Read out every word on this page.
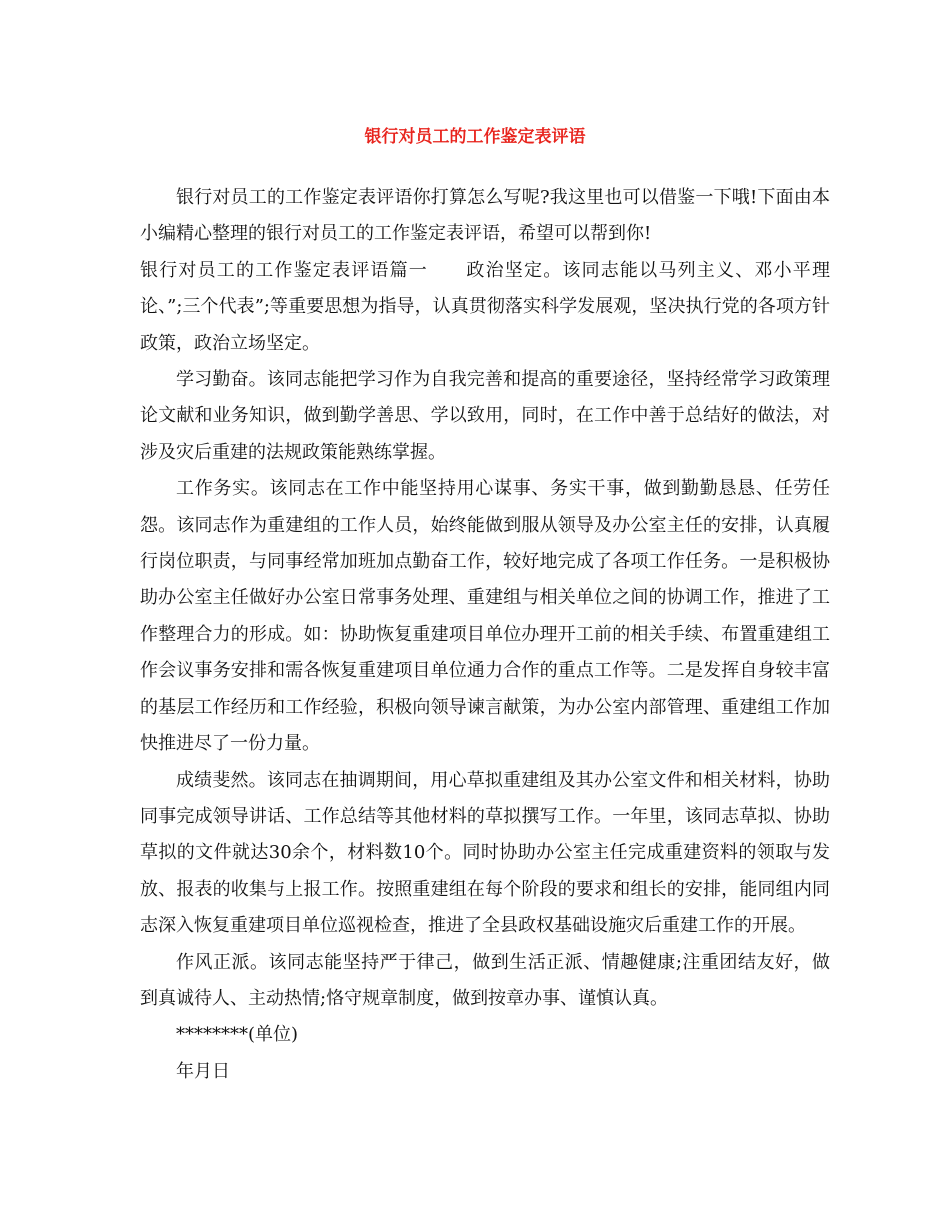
银行对员工的工作鉴定表评语

银行对员工的工作鉴定表评语你打算怎么写呢?我这里也可以借鉴一下哦!下面由本小编精心整理的银行对员工的工作鉴定表评语，希望可以帮到你!

银行对员工的工作鉴定表评语篇一　　政治坚定。该同志能以马列主义、邓小平理论、”;三个代表”;等重要思想为指导，认真贯彻落实科学发展观，坚决执行党的各项方针政策，政治立场坚定。

学习勤奋。该同志能把学习作为自我完善和提高的重要途径，坚持经常学习政策理论文献和业务知识，做到勤学善思、学以致用，同时，在工作中善于总结好的做法，对涉及灾后重建的法规政策能熟练掌握。

工作务实。该同志在工作中能坚持用心谋事、务实干事，做到勤勤恳恳、任劳任怨。该同志作为重建组的工作人员，始终能做到服从领导及办公室主任的安排，认真履行岗位职责，与同事经常加班加点勤奋工作，较好地完成了各项工作任务。一是积极协助办公室主任做好办公室日常事务处理、重建组与相关单位之间的协调工作，推进了工作整理合力的形成。如：协助恢复重建项目单位办理开工前的相关手续、布置重建组工作会议事务安排和需各恢复重建项目单位通力合作的重点工作等。二是发挥自身较丰富的基层工作经历和工作经验，积极向领导谏言献策，为办公室内部管理、重建组工作加快推进尽了一份力量。

成绩斐然。该同志在抽调期间，用心草拟重建组及其办公室文件和相关材料，协助同事完成领导讲话、工作总结等其他材料的草拟撰写工作。一年里，该同志草拟、协助草拟的文件就达30余个，材料数10个。同时协助办公室主任完成重建资料的领取与发放、报表的收集与上报工作。按照重建组在每个阶段的要求和组长的安排，能同组内同志深入恢复重建项目单位巡视检查，推进了全县政权基础设施灾后重建工作的开展。

作风正派。该同志能坚持严于律己，做到生活正派、情趣健康;注重团结友好，做到真诚待人、主动热情;恪守规章制度，做到按章办事、谨慎认真。

********(单位)

年月日
